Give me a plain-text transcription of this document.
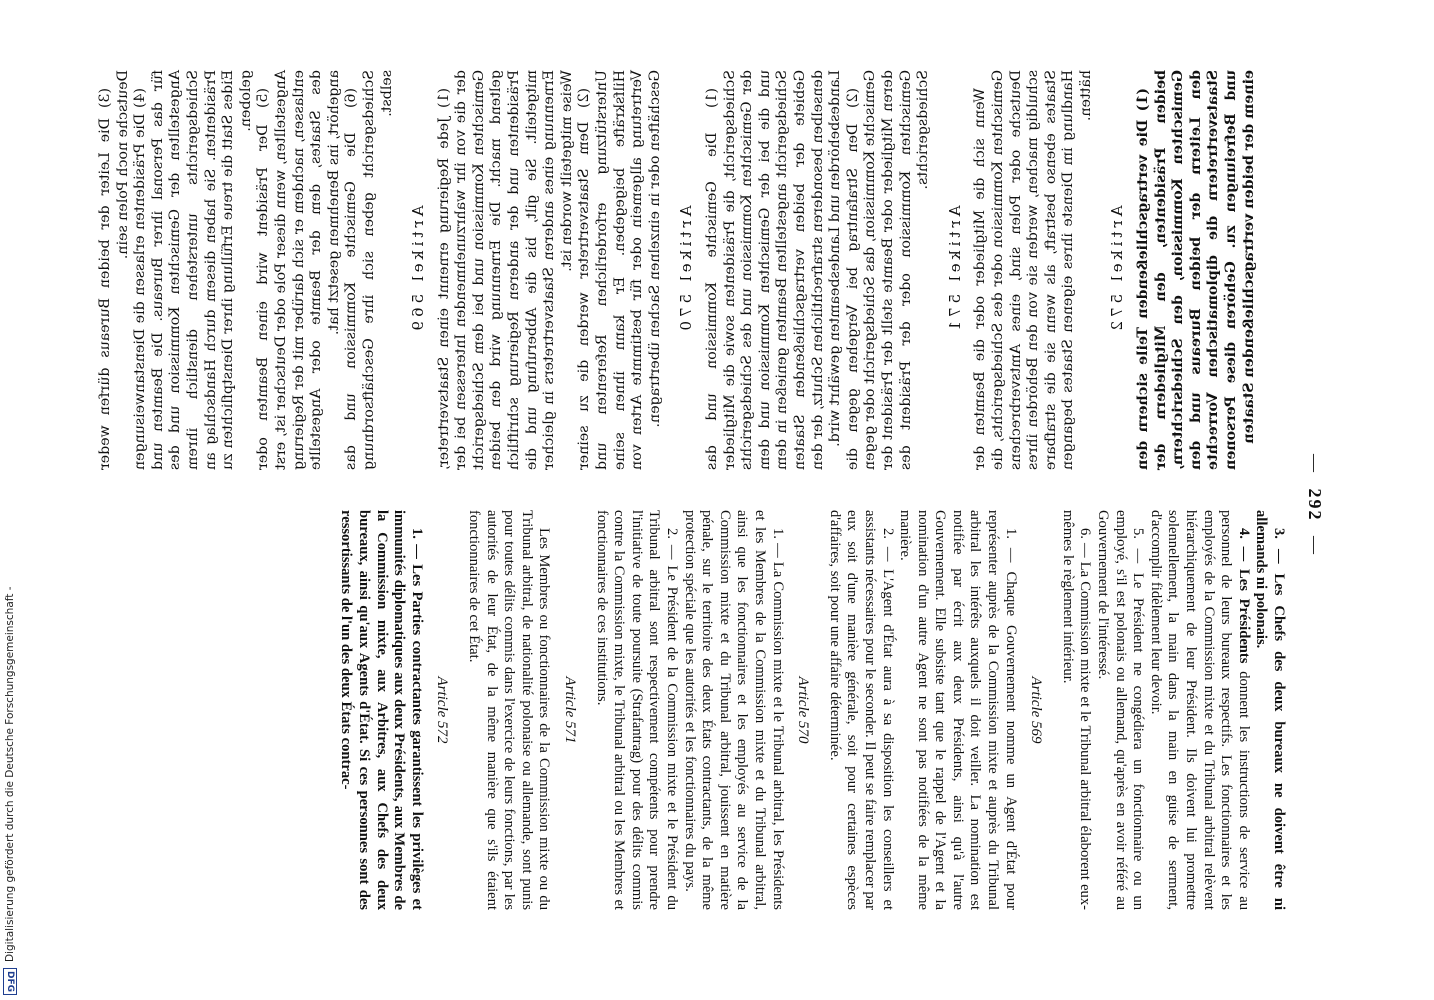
— 292 —

(3) Die Leiter der beiden Bureaus dürfen weder Deutsche noch Polen sein. (4) Die Präsidenten erlassen die Dienstanweisungen für das Personal ihrer Bureaus. Die Beamten und Angestellten der Gemischten Kommission und des Schiedsgerichts unterstehen dienstlich ihrem Präsidenten. Sie haben diesem durch Handschlag an Eides Statt die treue Erfüllung ihrer Dienstpflichten zu geloben. (5) Der Präsident wird einen Beamten oder Angestellten, wenn dieser Pole oder Deutscher ist, erst entlassen, nachdem er sich darüber mit der Regierung des Staates, dem der Beamte oder Angestellte angehört, ins Benehmen gesetzt hat. (6) Die Gemischte Kommission und das Schiedsgericht geben sich ihre Geschäftsordnung selbst.

Artikel 569 (1) Jede Regierung ernennt einen Staatsvertreter, der die von ihr wahrzunehmenden Interessen bei der Gemischten Kommission und bei dem Schiedsgericht geltend macht. Die Ernennung wird den beiden Präsidenten und der anderen Regierung schriftlich mitgeteilt. Sie gilt, bis die Abberufung und die Ernennung eines anderen Staatsvertreters in gleicher Weise mitgeteilt worden ist. (2) Dem Staatsvertreter werden die zu seiner Unterstützung erforderlichen Referenten und Hilfskräfte beigegeben. Er kann ihnen seine Vertretung allgemein oder für bestimmte Arten von Geschäften oder in einzelnen Sachen übertragen. Artikel 570 (1) Die Gemischte Kommission und das Schiedsgericht, die Präsidenten sowie die Mitglieder der Gemischten Kommission und des Schiedsgerichts und die bei der Gemischten Kommission und dem Schiedsgericht angestellten Beamten genießen in dem Gebiete der beiden vertragschließenden Staaten denselben besonderen strafrechtlichen Schutz, der den Landesbehörden und Landesbeamten gewährt wird. (2) Den Strafantrag bei Vergehen gegen die Gemischte Kommission, das Schiedsgericht oder gegen deren Mitglieder oder Beamte stellt der Präsident der Gemischten Kommission oder der Präsident des Schiedsgerichts.

Artikel 571 Wenn sich die Mitglieder oder die Beamten der Gemischten Kommission oder des Schiedsgerichts, die Deutsche oder Polen sind, eines Amtsverbrechens schuldig machen, werden sie von den Behörden ihres Staates ebenso bestraft, als wenn sie die strafbare Handlung im Dienste ihres eigenen Staates begangen hätten.

Artikel 572 (1) Die vertragschließenden Teile sichern den beiden Präsidenten, den Mitgliedern der Gemischten Kommission, den Schiedsrichtern, den Leitern der beiden Bureaus und den Staatsvertretern die diplomatischen Vorrechte und Befreiungen zu. Gehören diese Personen einem der beiden vertragschließenden Staaten

3. — Les Chefs des deux bureaux ne doivent être ni allemands ni polonais.

4. — Les Présidents donnent les instructions de service au personnel de leurs bureaux respectifs. Les fonctionnaires et les employés de la Commission mixte et du Tribunal arbitral relèvent hiérarchiquement de leur Président. Ils doivent lui promettre solennellement, la main dans la main en guise de serment, d'accomplir fidèlement leur devoir.

5. — Le Président ne congédiera un fonctionnaire ou un employé, s'il est polonais ou allemand, qu'après en avoir référé au Gouvernement de l'intéressé.

6. — La Commission mixte et le Tribunal arbitral élaborent eux-mêmes le règlement intérieur.

Article 569

1. — Chaque Gouvernement nomme un Agent d'État pour représenter auprès de la Commission mixte et auprès du Tribunal arbitral les intérêts auxquels il doit veiller. La nomination est notifiée par écrit aux deux Présidents, ainsi qu'à l'autre Gouvernement. Elle subsiste tant que le rappel de l'Agent et la nomination d'un autre Agent ne sont pas notifiées de la même manière.

2. — L'Agent d'État aura à sa disposition les conseillers et assistants nécessaires pour le seconder. Il peut se faire remplacer par eux soit d'une manière générale, soit pour certaines espèces d'affaires, soit pour une affaire déterminée.

Article 570

1. — La Commission mixte et le Tribunal arbitral, les Présidents et les Membres de la Commission mixte et du Tribunal arbitral, ainsi que les fonctionnaires et les employés au service de la Commission mixte et du Tribunal arbitral, jouissent en matière pénale, sur le territoire des deux États contractants, de la même protection spéciale que les autorités et les fonctionnaires du pays.

2. — Le Président de la Commission mixte et le Président du Tribunal arbitral sont respectivement compétents pour prendre l'initiative de toute poursuite (Strafantrag) pour des délits commis contre la Commission mixte, le Tribunal arbitral ou les Membres et fonctionnaires de ces institutions.

Article 571

Les Membres ou fonctionnaires de la Commission mixte ou du Tribunal arbitral, de nationalité polonaise ou allemande, sont punis pour toutes délits commis dans l'exercice de leurs fonctions, par les autorités de leur État, de la même manière que s'ils étaient fonctionnaires de cet État.

Article 572

1. — Les Parties contractantes garantissent les privilèges et immunités diplomatiques aux deux Présidents, aux Membres de la Commission mixte, aux Arbitres, aux Chefs des deux bureaux, ainsi qu'aux Agents d'État. Si ces personnes sont des ressortissants de l'un des deux États contrac-

DFG
Digitalisierung gefördert durch die Deutsche Forschungsgemeinschaft -
